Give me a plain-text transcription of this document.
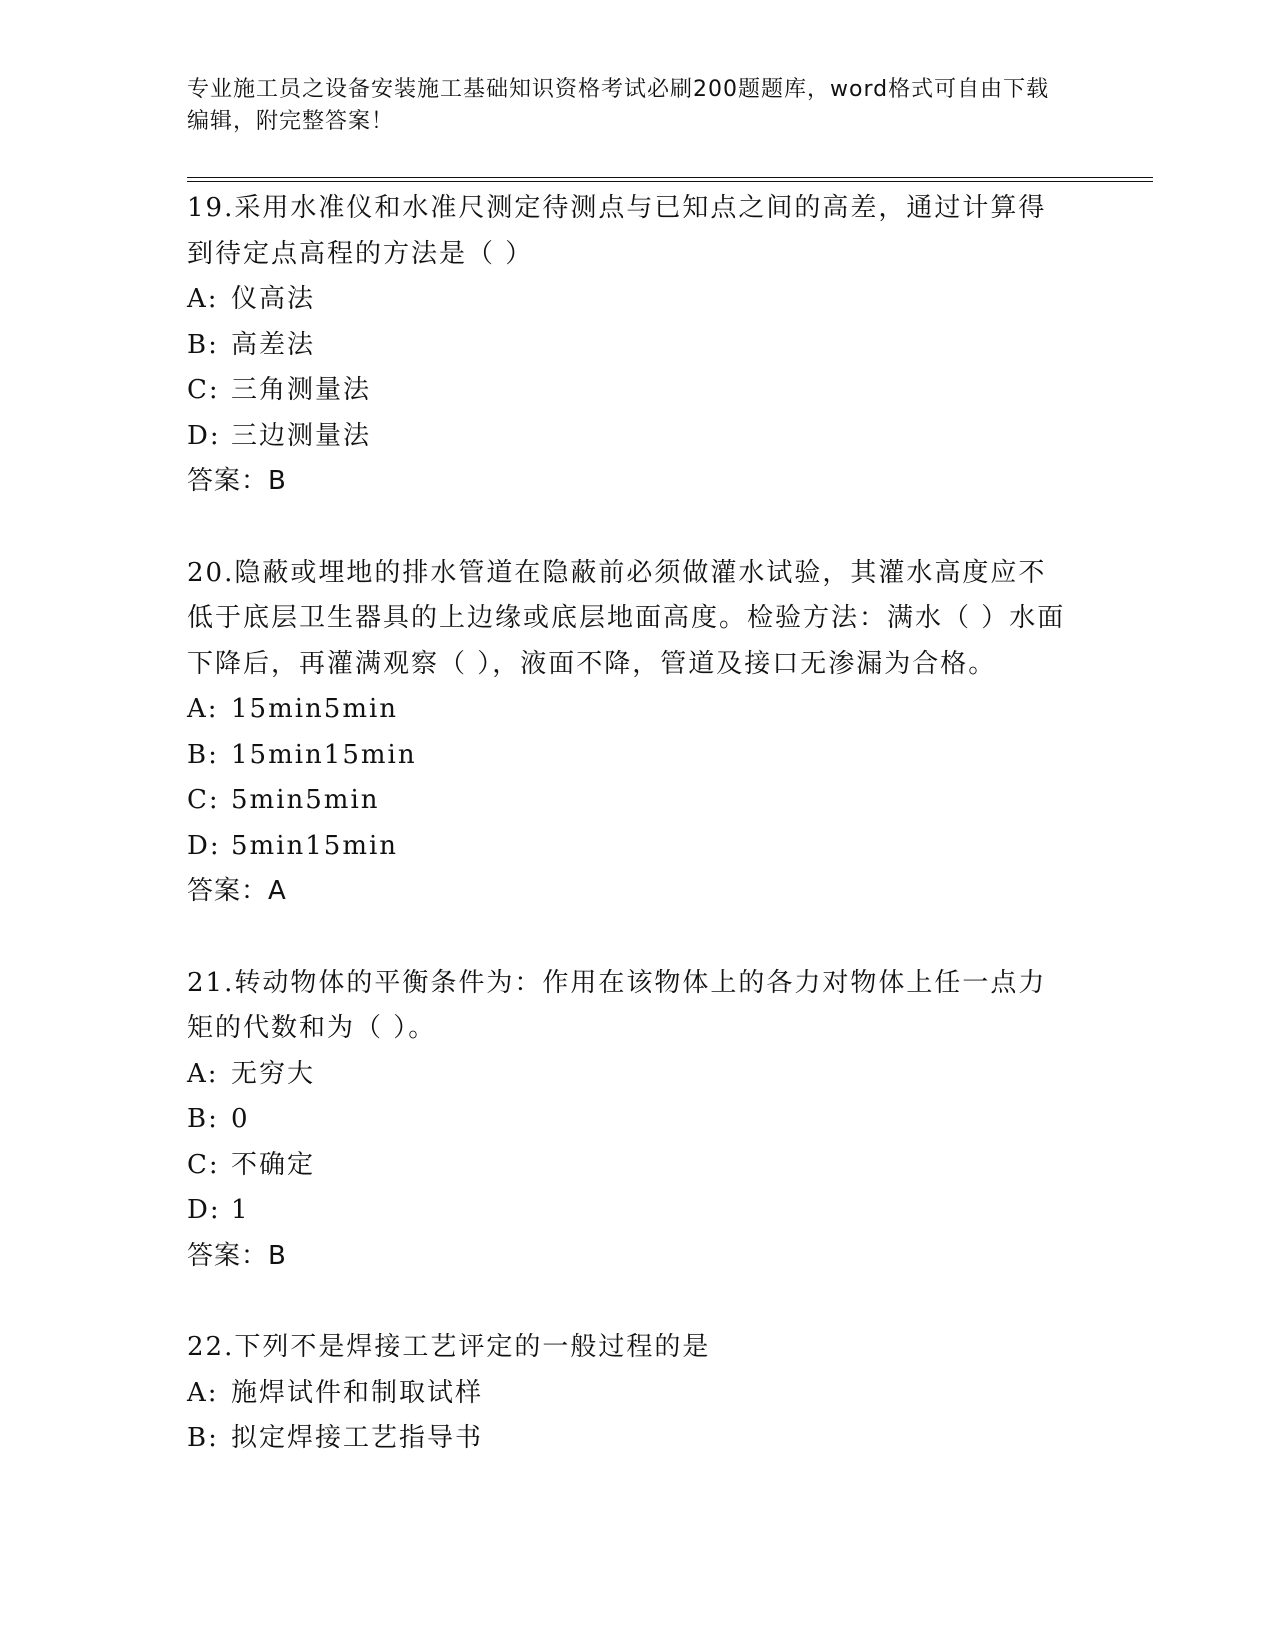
专业施工员之设备安装施工基础知识资格考试必刷200题题库，word格式可自由下载编辑，附完整答案！
19.采用水准仪和水准尺测定待测点与已知点之间的高差，通过计算得到待定点高程的方法是（ ）
A: 仪高法
B: 高差法
C: 三角测量法
D: 三边测量法
答案：B
20.隐蔽或埋地的排水管道在隐蔽前必须做灌水试验，其灌水高度应不低于底层卫生器具的上边缘或底层地面高度。检验方法：满水（ ）水面下降后，再灌满观察（ ），液面不降，管道及接口无渗漏为合格。
A: 15min5min
B: 15min15min
C: 5min5min
D: 5min15min
答案：A
21.转动物体的平衡条件为：作用在该物体上的各力对物体上任一点力矩的代数和为（ ）。
A: 无穷大
B: 0
C: 不确定
D: 1
答案：B
22.下列不是焊接工艺评定的一般过程的是
A: 施焊试件和制取试样
B: 拟定焊接工艺指导书
